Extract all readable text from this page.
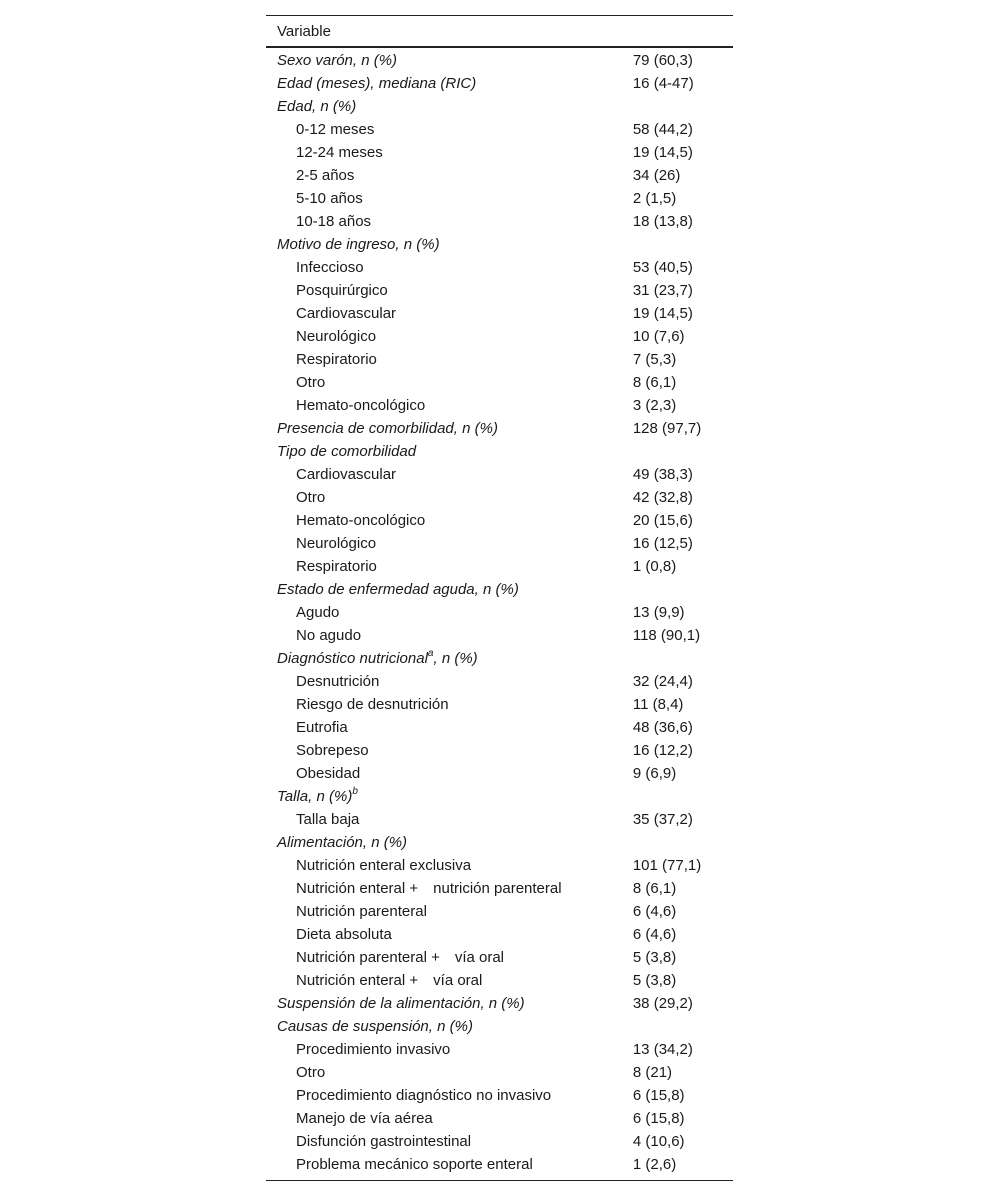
Variable	
Sexo varón, n (%)	79 (60,3)
Edad (meses), mediana (RIC)	16 (4-47)
Edad, n (%)	
0-12 meses	58 (44,2)
12-24 meses	19 (14,5)
2-5 años	34 (26)
5-10 años	2 (1,5)
10-18 años	18 (13,8)
Motivo de ingreso, n (%)	
Infeccioso	53 (40,5)
Posquirúrgico	31 (23,7)
Cardiovascular	19 (14,5)
Neurológico	10 (7,6)
Respiratorio	7 (5,3)
Otro	8 (6,1)
Hemato-oncológico	3 (2,3)
Presencia de comorbilidad, n (%)	128 (97,7)
Tipo de comorbilidad	
Cardiovascular	49 (38,3)
Otro	42 (32,8)
Hemato-oncológico	20 (15,6)
Neurológico	16 (12,5)
Respiratorio	1 (0,8)
Estado de enfermedad aguda, n (%)	
Agudo	13 (9,9)
No agudo	118 (90,1)
Diagnóstico nutricional$^a$, n (%)	
Desnutrición	32 (24,4)
Riesgo de desnutrición	11 (8,4)
Eutrofia	48 (36,6)
Sobrepeso	16 (12,2)
Obesidad	9 (6,9)
Talla, n (%)$^b$	
Talla baja	35 (37,2)
Alimentación, n (%)	
Nutrición enteral exclusiva	101 (77,1)
Nutrición enteral + nutrición parenteral	8 (6,1)
Nutrición parenteral	6 (4,6)
Dieta absoluta	6 (4,6)
Nutrición parenteral + vía oral	5 (3,8)
Nutrición enteral + vía oral	5 (3,8)
Suspensión de la alimentación, n (%)	38 (29,2)
Causas de suspensión, n (%)	
Procedimiento invasivo	13 (34,2)
Otro	8 (21)
Procedimiento diagnóstico no invasivo	6 (15,8)
Manejo de vía aérea	6 (15,8)
Disfunción gastrointestinal	4 (10,6)
Problema mecánico soporte enteral	1 (2,6)
